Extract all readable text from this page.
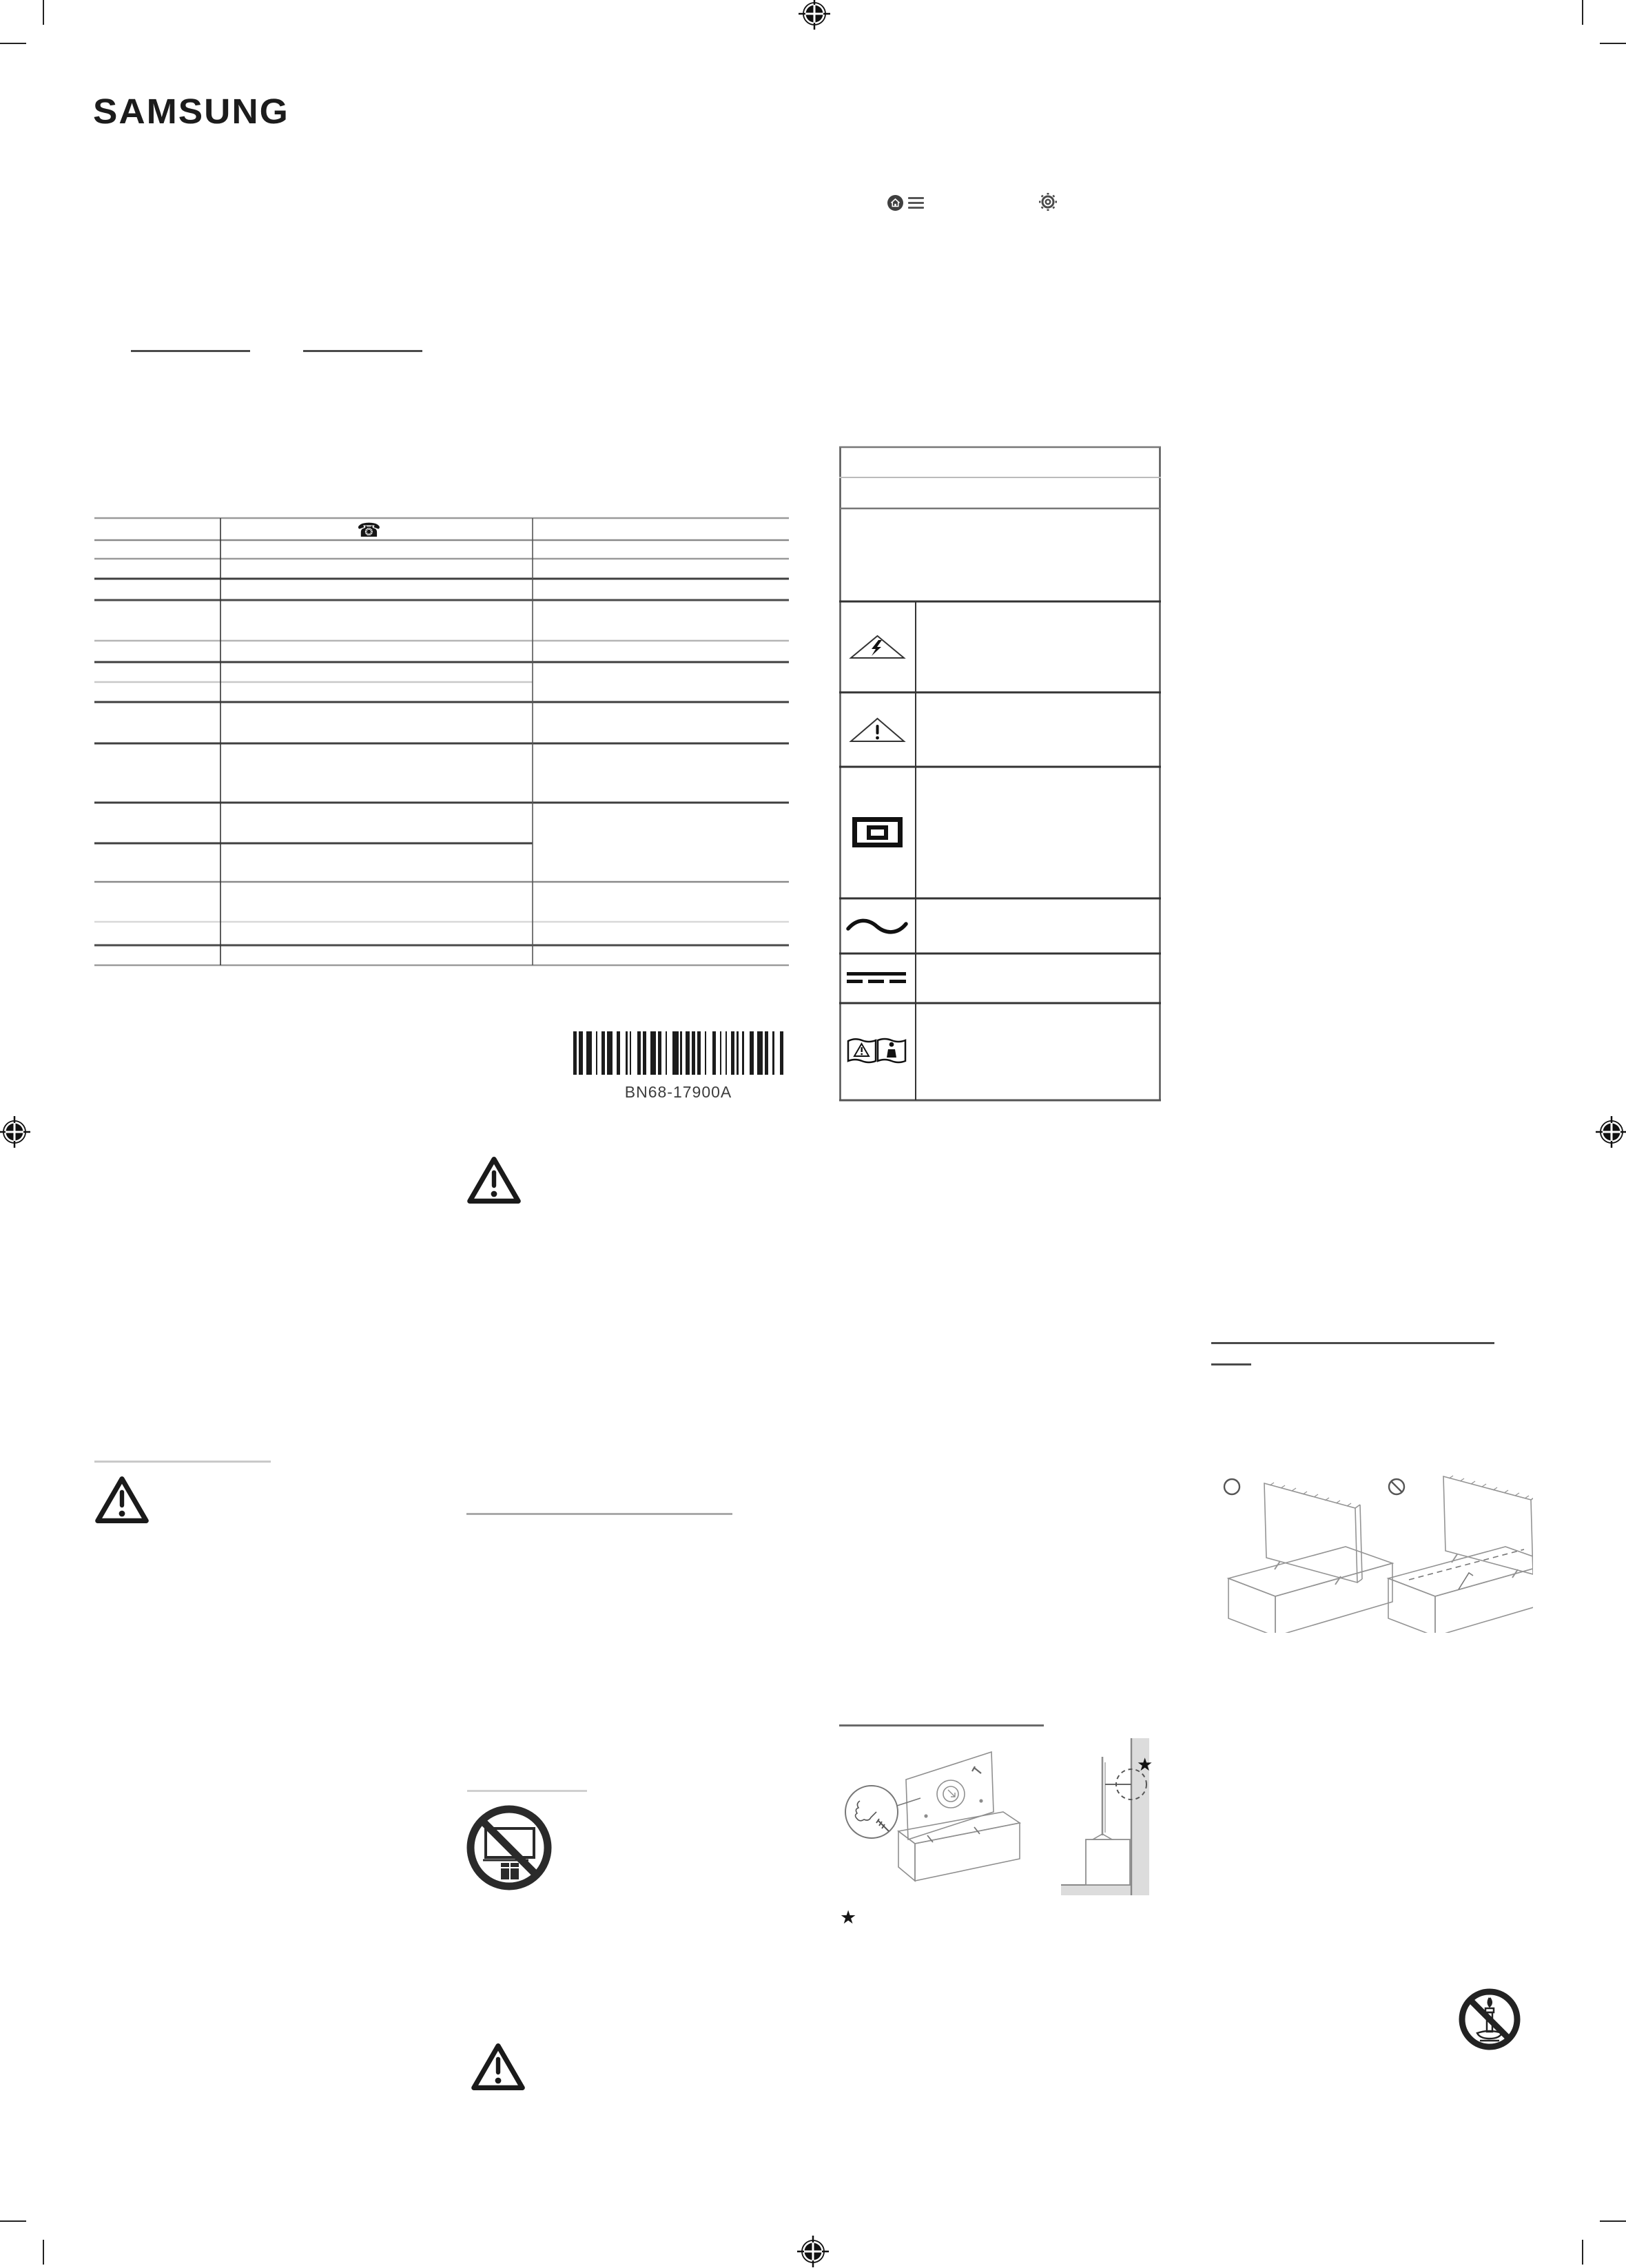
SAMSUNG
☎
BN68-17900A
★
★
